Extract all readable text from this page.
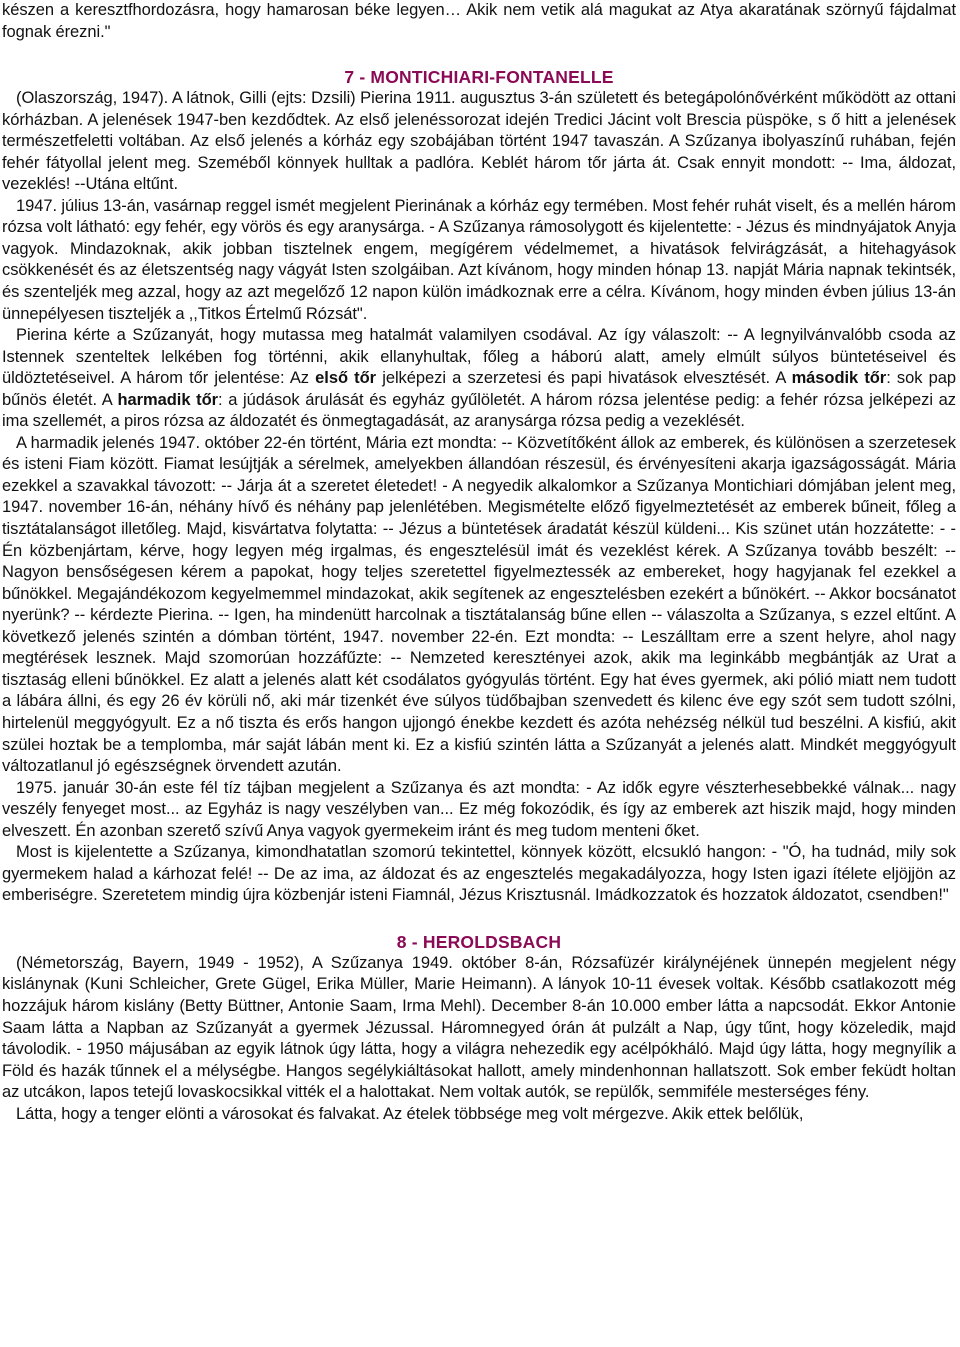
készen a keresztfhordozásra, hogy hamarosan béke legyen… Akik nem vetik alá magukat az Atya akaratának szörnyű fájdalmat fognak érezni."

7 - MONTICHIARI-FONTANELLE

(Olaszország, 1947). A látnok, Gilli (ejts: Dzsili) Pierina 1911. augusztus 3-án született és betegápolónővérként működött az ottani kórházban. A jelenések 1947-ben kezdődtek. Az első jelenéssorozat idején Tredici Jácint volt Brescia püspöke, s ő hitt a jelenések természetfeletti voltában. Az első jelenés a kórház egy szobájában történt 1947 tavaszán. A Szűzanya ibolyaszínű ruhában, fején fehér fátyollal jelent meg. Szeméből könnyek hulltak a padlóra. Keblét három tőr járta át. Csak ennyit mondott: -- Ima, áldozat, vezeklés! --Utána eltűnt.

1947. július 13-án, vasárnap reggel ismét megjelent Pierinának a kórház egy termében. Most fehér ruhát viselt, és a mellén három rózsa volt látható: egy fehér, egy vörös és egy aranysárga. - A Szűzanya rámosolygott és kijelentette: - Jézus és mindnyájatok Anyja vagyok. Mindazoknak, akik jobban tisztelnek engem, megígérem védelmemet, a hivatások felvirágzását, a hitehagyások csökkenését és az életszentség nagy vágyát Isten szolgáiban. Azt kívánom, hogy minden hónap 13. napját Mária napnak tekintsék, és szenteljék meg azzal, hogy az azt megelőző 12 napon külön imádkoznak erre a célra. Kívánom, hogy minden évben július 13-án ünnepélyesen tiszteljék a ,,Titkos Értelmű Rózsát".

Pierina kérte a Szűzanyát, hogy mutassa meg hatalmát valamilyen csodával. Az így válaszolt: -- A legnyilvánvalóbb csoda az Istennek szenteltek lelkében fog történni, akik ellanyhultak, főleg a háború alatt, amely elmúlt súlyos büntetéseivel és üldöztetéseivel. A három tőr jelentése: Az első tőr jelképezi a szerzetesi és papi hivatások elvesztését. A második tőr: sok pap bűnös életét. A harmadik tőr: a júdások árulását és egyház gyűlöletét. A három rózsa jelentése pedig: a fehér rózsa jelképezi az ima szellemét, a piros rózsa az áldozatét és önmegtagadását, az aranysárga rózsa pedig a vezeklését.

A harmadik jelenés 1947. október 22-én történt, Mária ezt mondta: -- Közvetítőként állok az emberek, és különösen a szerzetesek és isteni Fiam között. Fiamat lesújtják a sérelmek, amelyekben állandóan részesül, és érvényesíteni akarja igazságosságát. Mária ezekkel a szavakkal távozott: -- Járja át a szeretet életedet! - A negyedik alkalomkor a Szűzanya Montichiari dómjában jelent meg, 1947. november 16-án, néhány hívő és néhány pap jelenlétében. Megismételte előző figyelmeztetését az emberek bűneit, főleg a tisztátalanságot illetőleg. Majd, kisvártatva folytatta: -- Jézus a büntetések áradatát készül küldeni... Kis szünet után hozzátette: - - Én közbenjártam, kérve, hogy legyen még irgalmas, és engesztelésül imát és vezeklést kérek. A Szűzanya tovább beszélt: -- Nagyon bensőségesen kérem a papokat, hogy teljes szeretettel figyelmeztessék az embereket, hogy hagyjanak fel ezekkel a bűnökkel. Megajándékozom kegyelmemmel mindazokat, akik segítenek az engesztelésben ezekért a bűnökért. -- Akkor bocsánatot nyerünk? -- kérdezte Pierina. -- Igen, ha mindenütt harcolnak a tisztátalanság bűne ellen -- válaszolta a Szűzanya, s ezzel eltűnt. A következő jelenés szintén a dómban történt, 1947. november 22-én. Ezt mondta: -- Leszálltam erre a szent helyre, ahol nagy megtérések lesznek. Majd szomorúan hozzáfűzte: -- Nemzeted keresztényei azok, akik ma leginkább megbántják az Urat a tisztaság elleni bűnökkel. Ez alatt a jelenés alatt két csodálatos gyógyulás történt. Egy hat éves gyermek, aki pólió miatt nem tudott a lábára állni, és egy 26 év körüli nő, aki már tizenkét éve súlyos tüdőbajban szenvedett és kilenc éve egy szót sem tudott szólni, hirtelenül meggyógyult. Ez a nő tiszta és erős hangon ujjongó énekbe kezdett és azóta nehézség nélkül tud beszélni. A kisfiú, akit szülei hoztak be a templomba, már saját lábán ment ki. Ez a kisfiú szintén látta a Szűzanyát a jelenés alatt. Mindkét meggyógyult változatlanul jó egészségnek örvendett azután.

1975. január 30-án este fél tíz tájban megjelent a Szűzanya és azt mondta: - Az idők egyre vészterhesebbekké válnak... nagy veszély fenyeget most... az Egyház is nagy veszélyben van... Ez még fokozódik, és így az emberek azt hiszik majd, hogy minden elveszett. Én azonban szerető szívű Anya vagyok gyermekeim iránt és meg tudom menteni őket.

Most is kijelentette a Szűzanya, kimondhatatlan szomorú tekintettel, könnyek között, elcsukló hangon: - "Ó, ha tudnád, mily sok gyermekem halad a kárhozat felé! -- De az ima, az áldozat és az engesztelés megakadályozza, hogy Isten igazi ítélete eljöjjön az emberiségre. Szeretetem mindig újra közbenjár isteni Fiamnál, Jézus Krisztusnál. Imádkozzatok és hozzatok áldozatot, csendben!"

8 - HEROLDSBACH

(Németország, Bayern, 1949 - 1952), A Szűzanya 1949. október 8-án, Rózsafüzér királynéjének ünnepén megjelent négy kislánynak (Kuni Schleicher, Grete Gügel, Erika Müller, Marie Heimann). A lányok 10-11 évesek voltak. Később csatlakozott még hozzájuk három kislány (Betty Büttner, Antonie Saam, Irma Mehl). December 8-án 10.000 ember látta a napcsodát. Ekkor Antonie Saam látta a Napban az Szűzanyát a gyermek Jézussal. Háromnegyed órán át pulzált a Nap, úgy tűnt, hogy közeledik, majd távolodik. - 1950 májusában az egyik látnok úgy látta, hogy a világra nehezedik egy acélpókháló. Majd úgy látta, hogy megnyílik a Föld és hazák tűnnek el a mélységbe. Hangos segélykiáltásokat hallott, amely mindenhonnan hallatszott. Sok ember feküdt holtan az utcákon, lapos tetejű lovaskocsikkal vitték el a halottakat. Nem voltak autók, se repülők, semmiféle mesterséges fény.

Látta, hogy a tenger elönti a városokat és falvakat. Az ételek többsége meg volt mérgezve. Akik ettek belőlük,
